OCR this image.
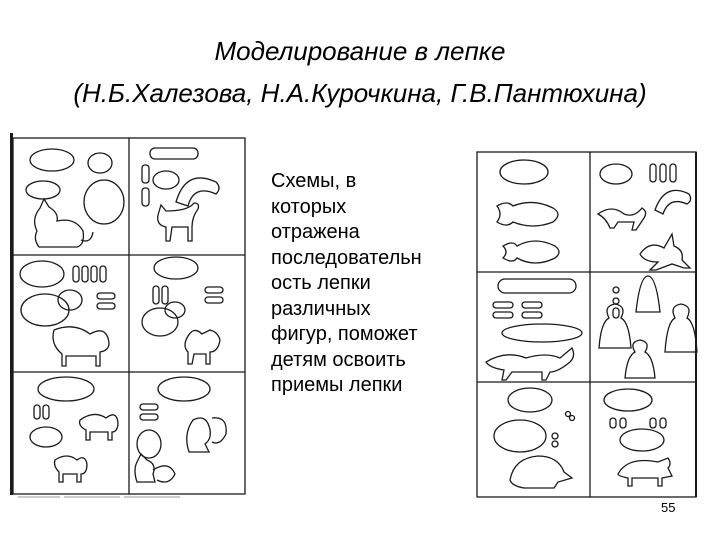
Моделирование в лепке
(Н.Б.Халезова, Н.А.Курочкина, Г.В.Пантюхина)
Схемы, в
которых
отражена
последовательн
ость лепки
различных
фигур, поможет
детям освоить
приемы лепки
55
